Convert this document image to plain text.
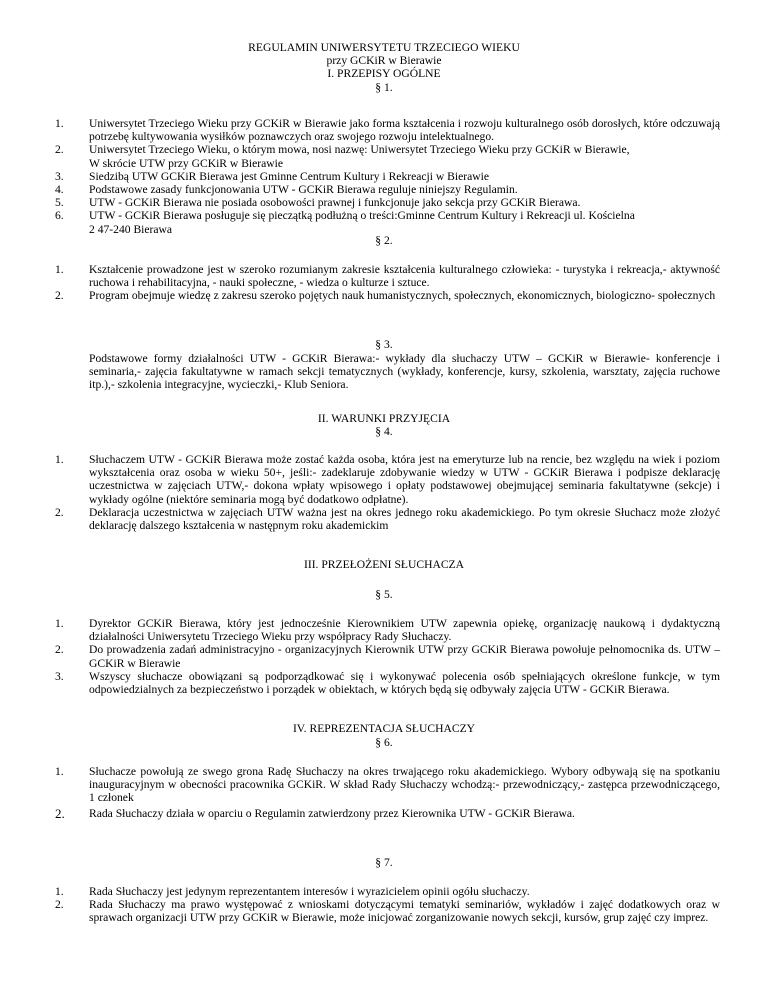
REGULAMIN UNIWERSYTETU TRZECIEGO WIEKU
przy GCKiR w Bierawie
I. PRZEPISY OGÓLNE
§ 1.
1.	Uniwersytet Trzeciego Wieku przy GCKiR w Bierawie jako forma kształcenia i rozwoju kulturalnego osób dorosłych, które odczuwają potrzebę kultywowania wysiłków poznawczych oraz swojego rozwoju intelektualnego.
2.	Uniwersytet Trzeciego Wieku, o którym mowa, nosi nazwę: Uniwersytet Trzeciego Wieku przy GCKiR w Bierawie,
W skrócie UTW przy GCKiR w Bierawie
3.	Siedzibą UTW GCKiR Bierawa jest Gminne Centrum Kultury i Rekreacji w Bierawie
4.	Podstawowe zasady funkcjonowania UTW - GCKiR Bierawa reguluje niniejszy Regulamin.
5.	UTW - GCKiR Bierawa nie posiada osobowości prawnej i funkcjonuje jako sekcja przy GCKiR Bierawa.
6.	UTW - GCKiR Bierawa posługuje się pieczątką podłużną o treści:Gminne Centrum Kultury i Rekreacji ul. Kościelna
2 47-240 Bierawa
§ 2.
1.	Kształcenie prowadzone jest w szeroko rozumianym zakresie kształcenia kulturalnego człowieka: - turystyka i rekreacja,- aktywność ruchowa i rehabilitacyjna, - nauki społeczne, - wiedza o kulturze i sztuce.
2.	Program obejmuje wiedzę z zakresu szeroko pojętych nauk humanistycznych, społecznych, ekonomicznych, biologiczno- społecznych
§ 3.
Podstawowe formy działalności UTW - GCKiR Bierawa:- wykłady dla słuchaczy UTW – GCKiR w Bierawie- konferencje i seminaria,- zajęcia fakultatywne w ramach sekcji tematycznych (wykłady, konferencje, kursy, szkolenia, warsztaty, zajęcia ruchowe itp.),- szkolenia integracyjne, wycieczki,- Klub Seniora.
II. WARUNKI PRZYJĘCIA
§ 4.
1.	Słuchaczem UTW - GCKiR Bierawa może zostać każda osoba, która jest na emeryturze lub na rencie, bez względu na wiek i poziom wykształcenia oraz osoba w wieku 50+, jeśli:- zadeklaruje zdobywanie wiedzy w UTW - GCKiR Bierawa i podpisze deklarację uczestnictwa w zajęciach UTW,- dokona wpłaty wpisowego i opłaty podstawowej obejmującej seminaria fakultatywne (sekcje) i wykłady ogólne (niektóre seminaria mogą być dodatkowo odpłatne).
2.	Deklaracja uczestnictwa w zajęciach UTW ważna jest na okres jednego roku akademickiego. Po tym okresie Słuchacz może złożyć deklarację dalszego kształcenia w następnym roku akademickim
III. PRZEŁOŻENI SŁUCHACZA
§ 5.
1.	Dyrektor GCKiR Bierawa, który jest jednocześnie Kierownikiem UTW zapewnia opiekę, organizację naukową i dydaktyczną działalności Uniwersytetu Trzeciego Wieku przy współpracy Rady Słuchaczy.
2.	Do prowadzenia zadań administracyjno - organizacyjnych Kierownik UTW przy GCKiR Bierawa powołuje pełnomocnika ds. UTW – GCKiR w Bierawie
3.	Wszyscy słuchacze obowiązani są podporządkować się i wykonywać polecenia osób spełniających określone funkcje, w tym odpowiedzialnych za bezpieczeństwo i porządek w obiektach, w których będą się odbywały zajęcia UTW - GCKiR Bierawa.
IV. REPREZENTACJA SŁUCHACZY
§ 6.
1.	Słuchacze powołują ze swego grona Radę Słuchaczy na okres trwającego roku akademickiego. Wybory odbywają się na spotkaniu inauguracyjnym w obecności pracownika GCKiR. W skład Rady Słuchaczy wchodzą:- przewodniczący,- zastępca przewodniczącego, 1 członek
2.	Rada Słuchaczy działa w oparciu o Regulamin zatwierdzony przez Kierownika UTW - GCKiR Bierawa.
§ 7.
1.	Rada Słuchaczy jest jedynym reprezentantem interesów i wyrazicielem opinii ogółu słuchaczy.
2.	Rada Słuchaczy ma prawo występować z wnioskami dotyczącymi tematyki seminariów, wykładów i zajęć dodatkowych oraz w sprawach organizacji UTW przy GCKiR w Bierawie, może inicjować zorganizowanie nowych sekcji, kursów, grup zajęć czy imprez.
